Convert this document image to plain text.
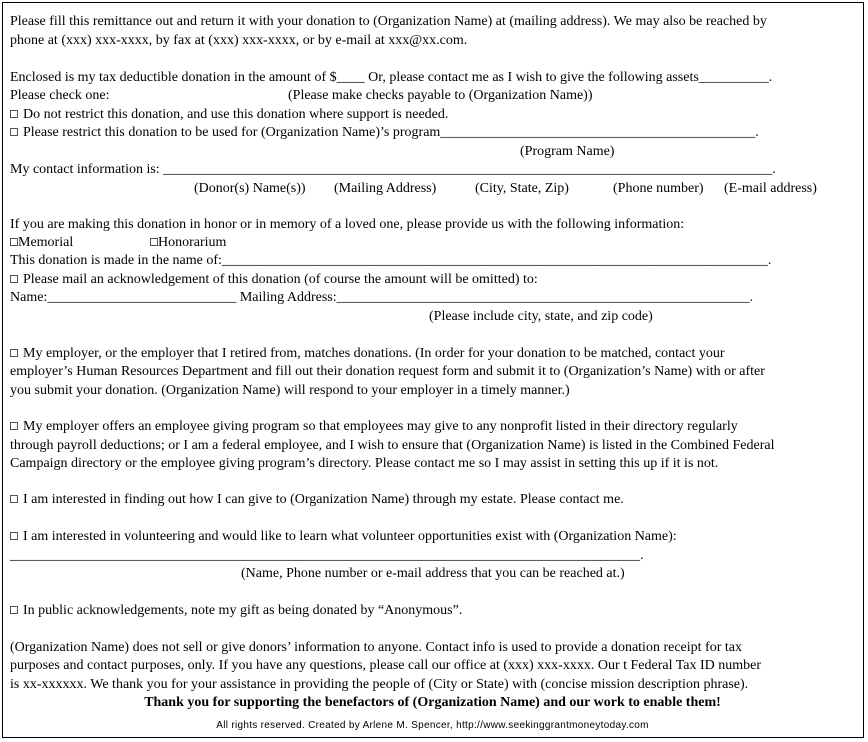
Please fill this remittance out and return it with your donation to (Organization Name) at (mailing address). We may also be reached by
phone at (xxx) xxx-xxxx, by fax at (xxx) xxx-xxxx, or by e-mail at xxx@xx.com.
Enclosed is my tax deductible donation in the amount of $____ Or, please contact me as I wish to give the following assets__________.
Please check one:	(Please make checks payable to (Organization Name))
Do not restrict this donation, and use this donation where support is needed.
Please restrict this donation to be used for (Organization Name)’s program_____________________________________________.
(Program Name)
My contact information is: _______________________________________________________________________________________.
(Donor(s) Name(s)) (Mailing Address)	(City, State, Zip)	(Phone number) (E-mail address)
If you are making this donation in honor or in memory of a loved one, please provide us with the following information:
Memorial	Honorarium
This donation is made in the name of:______________________________________________________________________________.
Please mail an acknowledgement of this donation (of course the amount will be omitted) to:
Name:___________________________ Mailing Address:___________________________________________________________.
(Please include city, state, and zip code)
My employer, or the employer that I retired from, matches donations. (In order for your donation to be matched, contact your
employer’s Human Resources Department and fill out their donation request form and submit it to (Organization’s Name) with or after
you submit your donation. (Organization Name) will respond to your employer in a timely manner.)
My employer offers an employee giving program so that employees may give to any nonprofit listed in their directory regularly
through payroll deductions; or I am a federal employee, and I wish to ensure that (Organization Name) is listed in the Combined Federal
Campaign directory or the employee giving program’s directory. Please contact me so I may assist in setting this up if it is not.
I am interested in finding out how I can give to (Organization Name) through my estate. Please contact me.
I am interested in volunteering and would like to learn what volunteer opportunities exist with (Organization Name):
__________________________________________________________________________________________.
(Name, Phone number or e-mail address that you can be reached at.)
In public acknowledgements, note my gift as being donated by “Anonymous”.
(Organization Name) does not sell or give donors’ information to anyone. Contact info is used to provide a donation receipt for tax
purposes and contact purposes, only. If you have any questions, please call our office at (xxx) xxx-xxxx. Our t Federal Tax ID number
is xx-xxxxxx. We thank you for your assistance in providing the people of (City or State) with (concise mission description phrase).
Thank you for supporting the benefactors of (Organization Name) and our work to enable them!
All rights reserved. Created by Arlene M. Spencer, http://www.seekinggrantmoneytoday.com
